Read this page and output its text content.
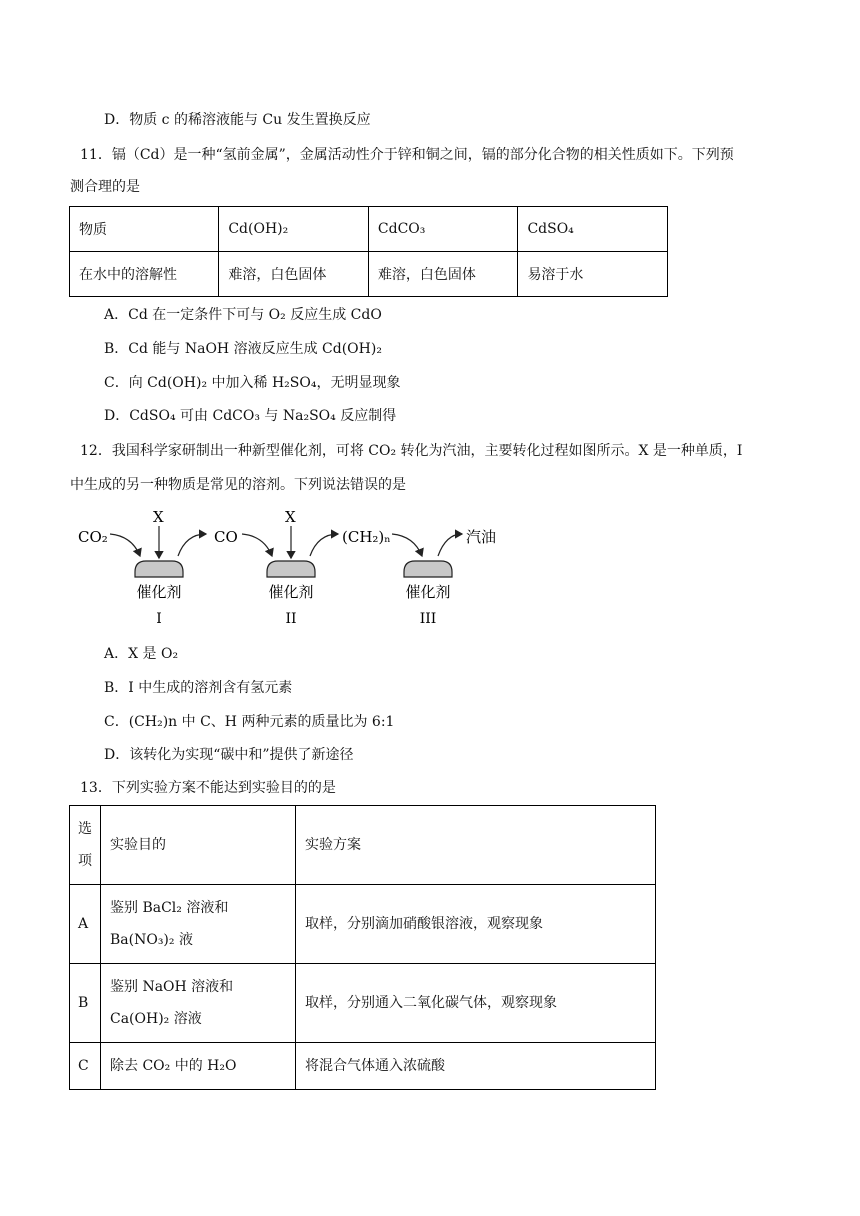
D．物质 c 的稀溶液能与 Cu 发生置换反应
11．镉（Cd）是一种“氢前金属”，金属活动性介于锌和铜之间，镉的部分化合物的相关性质如下。下列预
测合理的是
物质	Cd(OH)₂	CdCO₃	CdSO₄
在水中的溶解性	难溶，白色固体	难溶，白色固体	易溶于水
A．Cd 在一定条件下可与 O₂ 反应生成 CdO
B．Cd 能与 NaOH 溶液反应生成 Cd(OH)₂
C．向 Cd(OH)₂ 中加入稀 H₂SO₄，无明显现象
D．CdSO₄ 可由 CdCO₃ 与 Na₂SO₄ 反应制得
12．我国科学家研制出一种新型催化剂，可将 CO₂ 转化为汽油，主要转化过程如图所示。X 是一种单质，I
中生成的另一种物质是常见的溶剂。下列说法错误的是
CO₂	CO	(CH₂)ₙ	汽油
X	X
催化剂	催化剂	催化剂
I	II	III
A．X 是 O₂
B．I 中生成的溶剂含有氢元素
C．(CH₂)n 中 C、H 两种元素的质量比为 6:1
D．该转化为实现“碳中和”提供了新途径
13．下列实验方案不能达到实验目的的是
选项	实验目的	实验方案
A	鉴别 BaCl₂ 溶液和 Ba(NO₃)₂ 液	取样，分别滴加硝酸银溶液，观察现象
B	鉴别 NaOH 溶液和 Ca(OH)₂ 溶液	取样，分别通入二氧化碳气体，观察现象
C	除去 CO₂ 中的 H₂O	将混合气体通入浓硫酸
